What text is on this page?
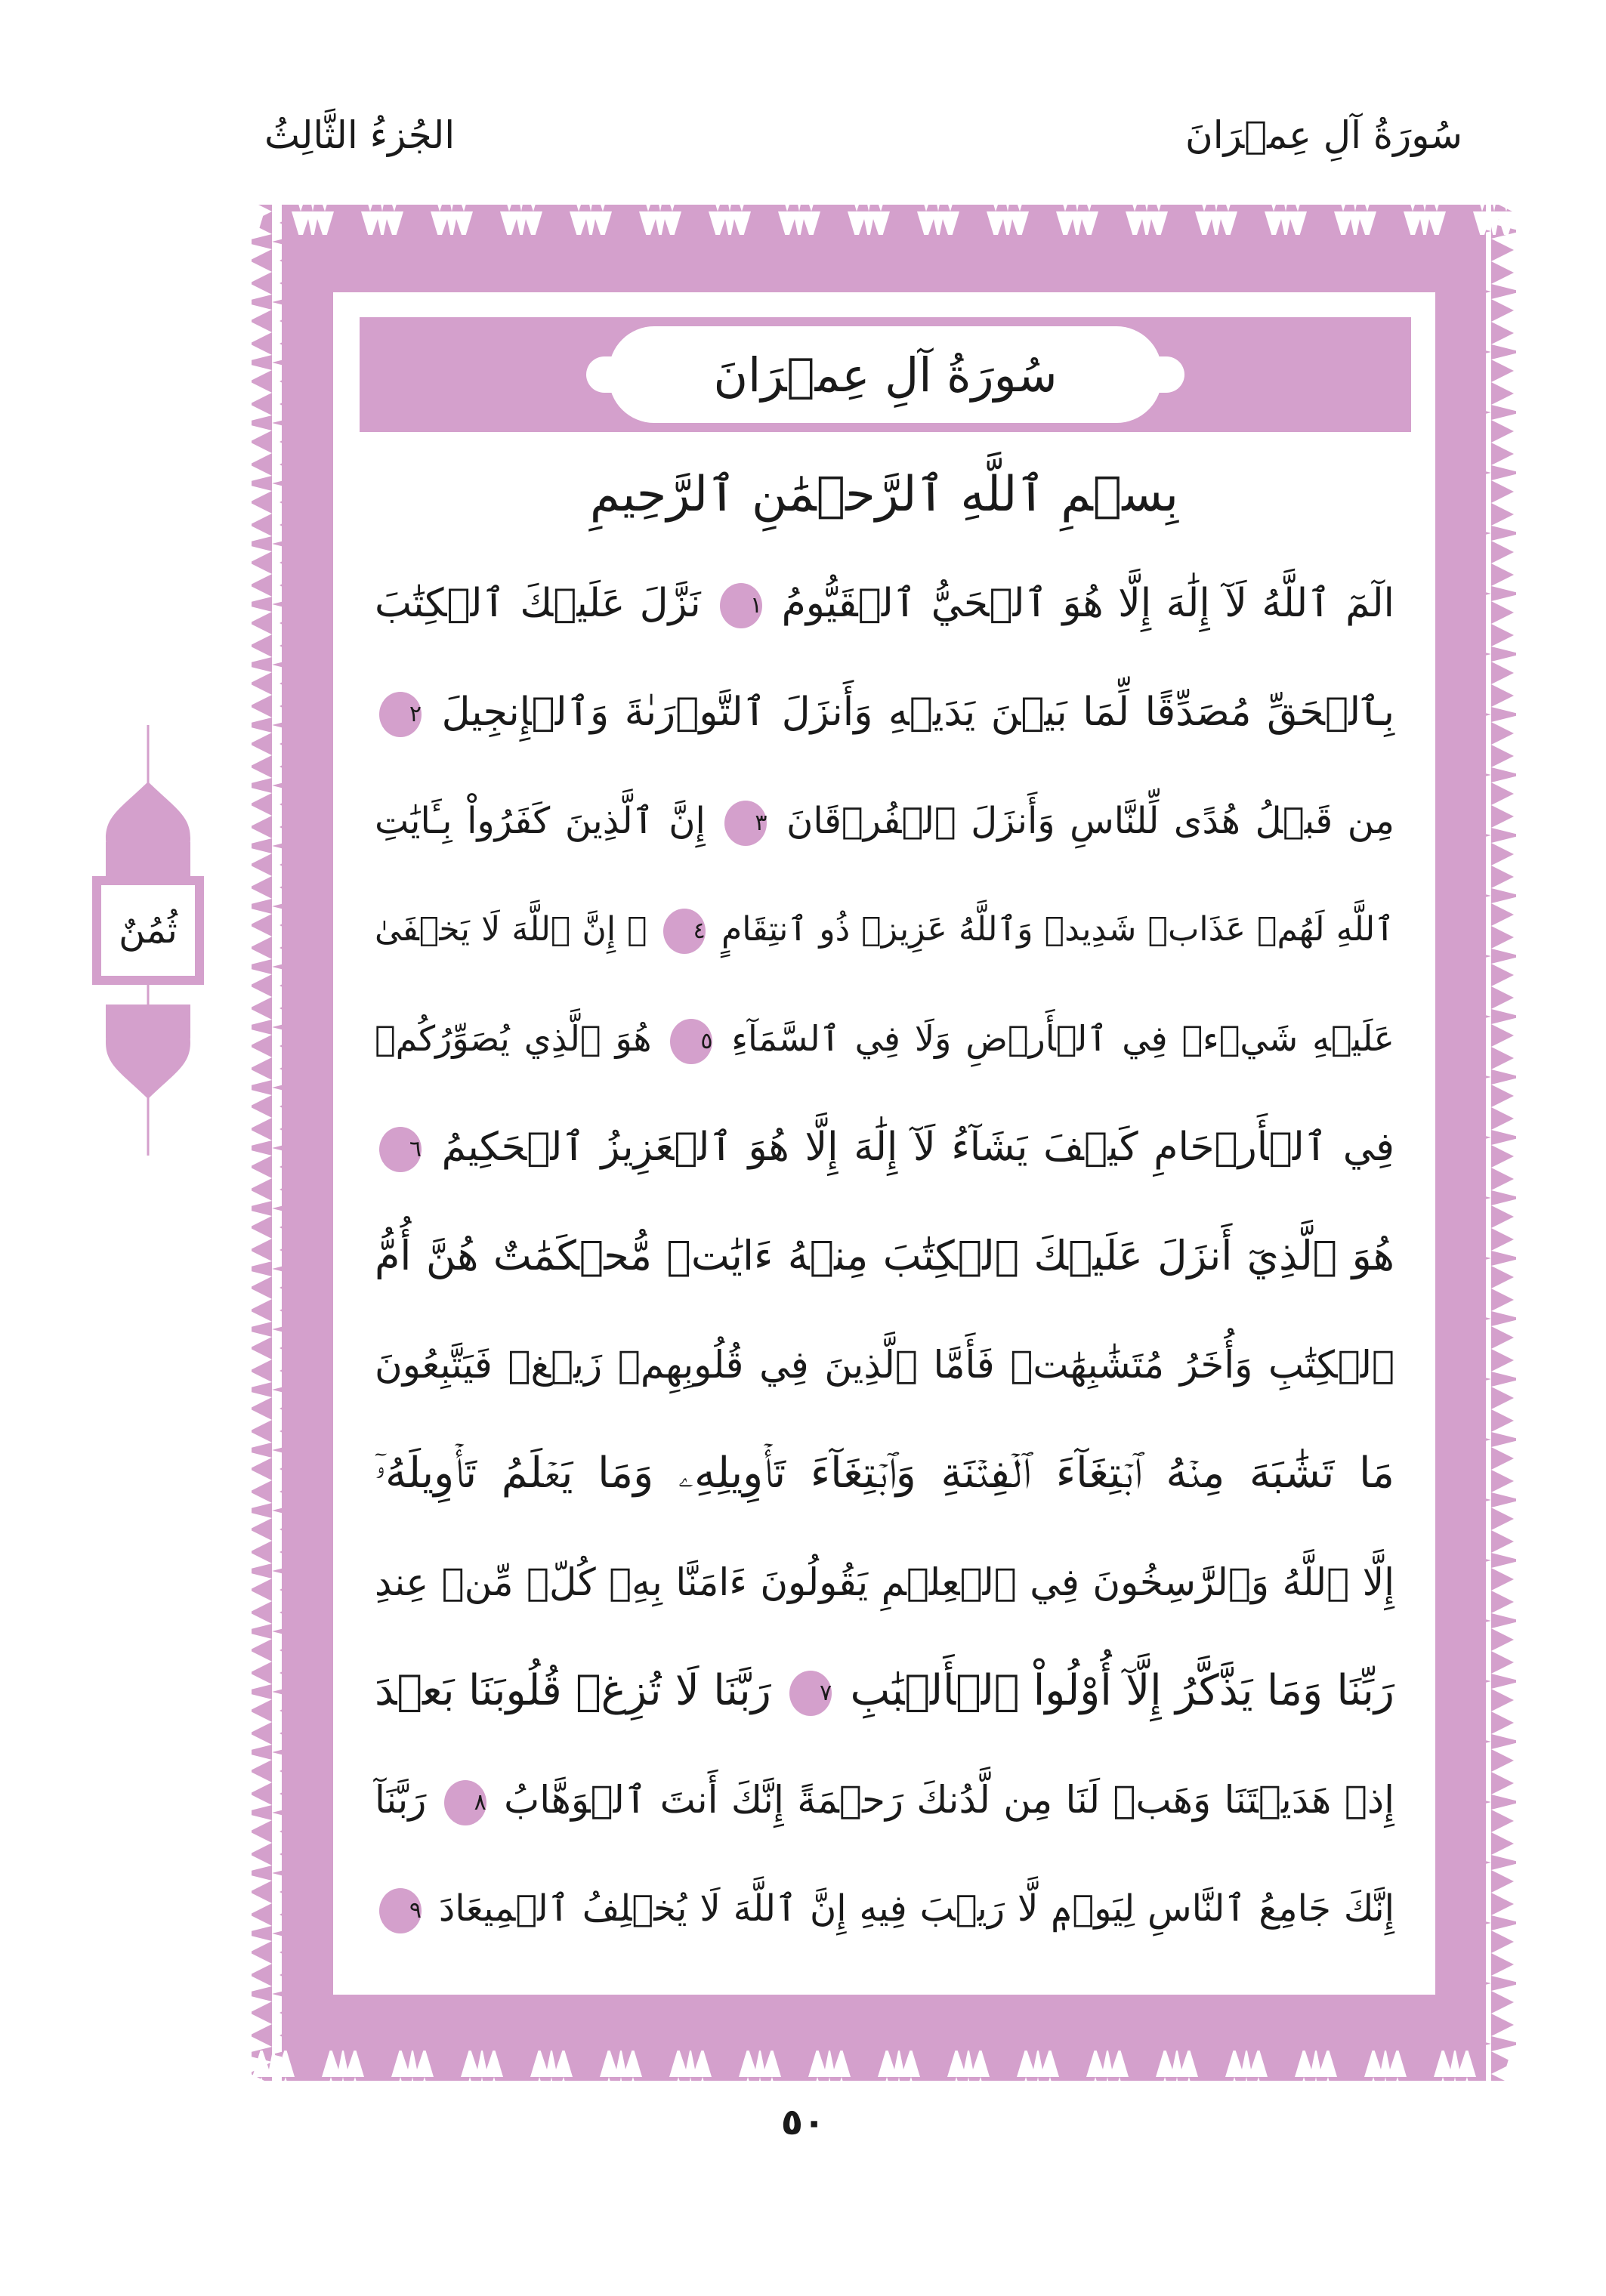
سُورَةُ آلِ عِمۡرَانَ
الجُزءُ الثَّالِثُ
سُورَةُ آلِ عِمۡرَانَ
بِسۡمِ ٱللَّهِ ٱلرَّحۡمَٰنِ ٱلرَّحِيمِ
الٓمٓ ٱللَّهُ لَآ إِلَٰهَ إِلَّا هُوَ ٱلۡحَيُّ ٱلۡقَيُّومُ ١ نَزَّلَ عَلَيۡكَ ٱلۡكِتَٰبَ
بِٱلۡحَقِّ مُصَدِّقًا لِّمَا بَيۡنَ يَدَيۡهِ وَأَنزَلَ ٱلتَّوۡرَىٰةَ وَٱلۡإِنجِيلَ ٢
مِن قَبۡلُ هُدًى لِّلنَّاسِ وَأَنزَلَ ٱلۡفُرۡقَانَ ٣ إِنَّ ٱلَّذِينَ كَفَرُواْ بِـَٔايَٰتِ
ٱللَّهِ لَهُمۡ عَذَابٞ شَدِيدٞ وَٱللَّهُ عَزِيزٞ ذُو ٱنتِقَامٍ ٤ ۞ إِنَّ ٱللَّهَ لَا يَخۡفَىٰ
عَلَيۡهِ شَيۡءٞ فِي ٱلۡأَرۡضِ وَلَا فِي ٱلسَّمَآءِ ٥ هُوَ ٱلَّذِي يُصَوِّرُكُمۡ
فِي ٱلۡأَرۡحَامِ كَيۡفَ يَشَآءُ لَآ إِلَٰهَ إِلَّا هُوَ ٱلۡعَزِيزُ ٱلۡحَكِيمُ ٦
هُوَ ٱلَّذِيٓ أَنزَلَ عَلَيۡكَ ٱلۡكِتَٰبَ مِنۡهُ ءَايَٰتٞ مُّحۡكَمَٰتٌ هُنَّ أُمُّ
ٱلۡكِتَٰبِ وَأُخَرُ مُتَشَٰبِهَٰتٞ فَأَمَّا ٱلَّذِينَ فِي قُلُوبِهِمۡ زَيۡغٞ فَيَتَّبِعُونَ
مَا تَشَٰبَهَ مِنۡهُ ٱبۡتِغَآءَ ٱلۡفِتۡنَةِ وَٱبۡتِغَآءَ تَأۡوِيلِهِۦ وَمَا يَعۡلَمُ تَأۡوِيلَهُۥٓ
إِلَّا ٱللَّهُ وَٱلرَّٰسِخُونَ فِي ٱلۡعِلۡمِ يَقُولُونَ ءَامَنَّا بِهِۦ كُلّٞ مِّنۡ عِندِ
رَبِّنَا وَمَا يَذَّكَّرُ إِلَّآ أُوْلُواْ ٱلۡأَلۡبَٰبِ ٧ رَبَّنَا لَا تُزِغۡ قُلُوبَنَا بَعۡدَ
إِذۡ هَدَيۡتَنَا وَهَبۡ لَنَا مِن لَّدُنكَ رَحۡمَةً إِنَّكَ أَنتَ ٱلۡوَهَّابُ ٨ رَبَّنَآ
إِنَّكَ جَامِعُ ٱلنَّاسِ لِيَوۡمٖ لَّا رَيۡبَ فِيهِ إِنَّ ٱللَّهَ لَا يُخۡلِفُ ٱلۡمِيعَادَ ٩
ثُمُنٌ
٥٠
